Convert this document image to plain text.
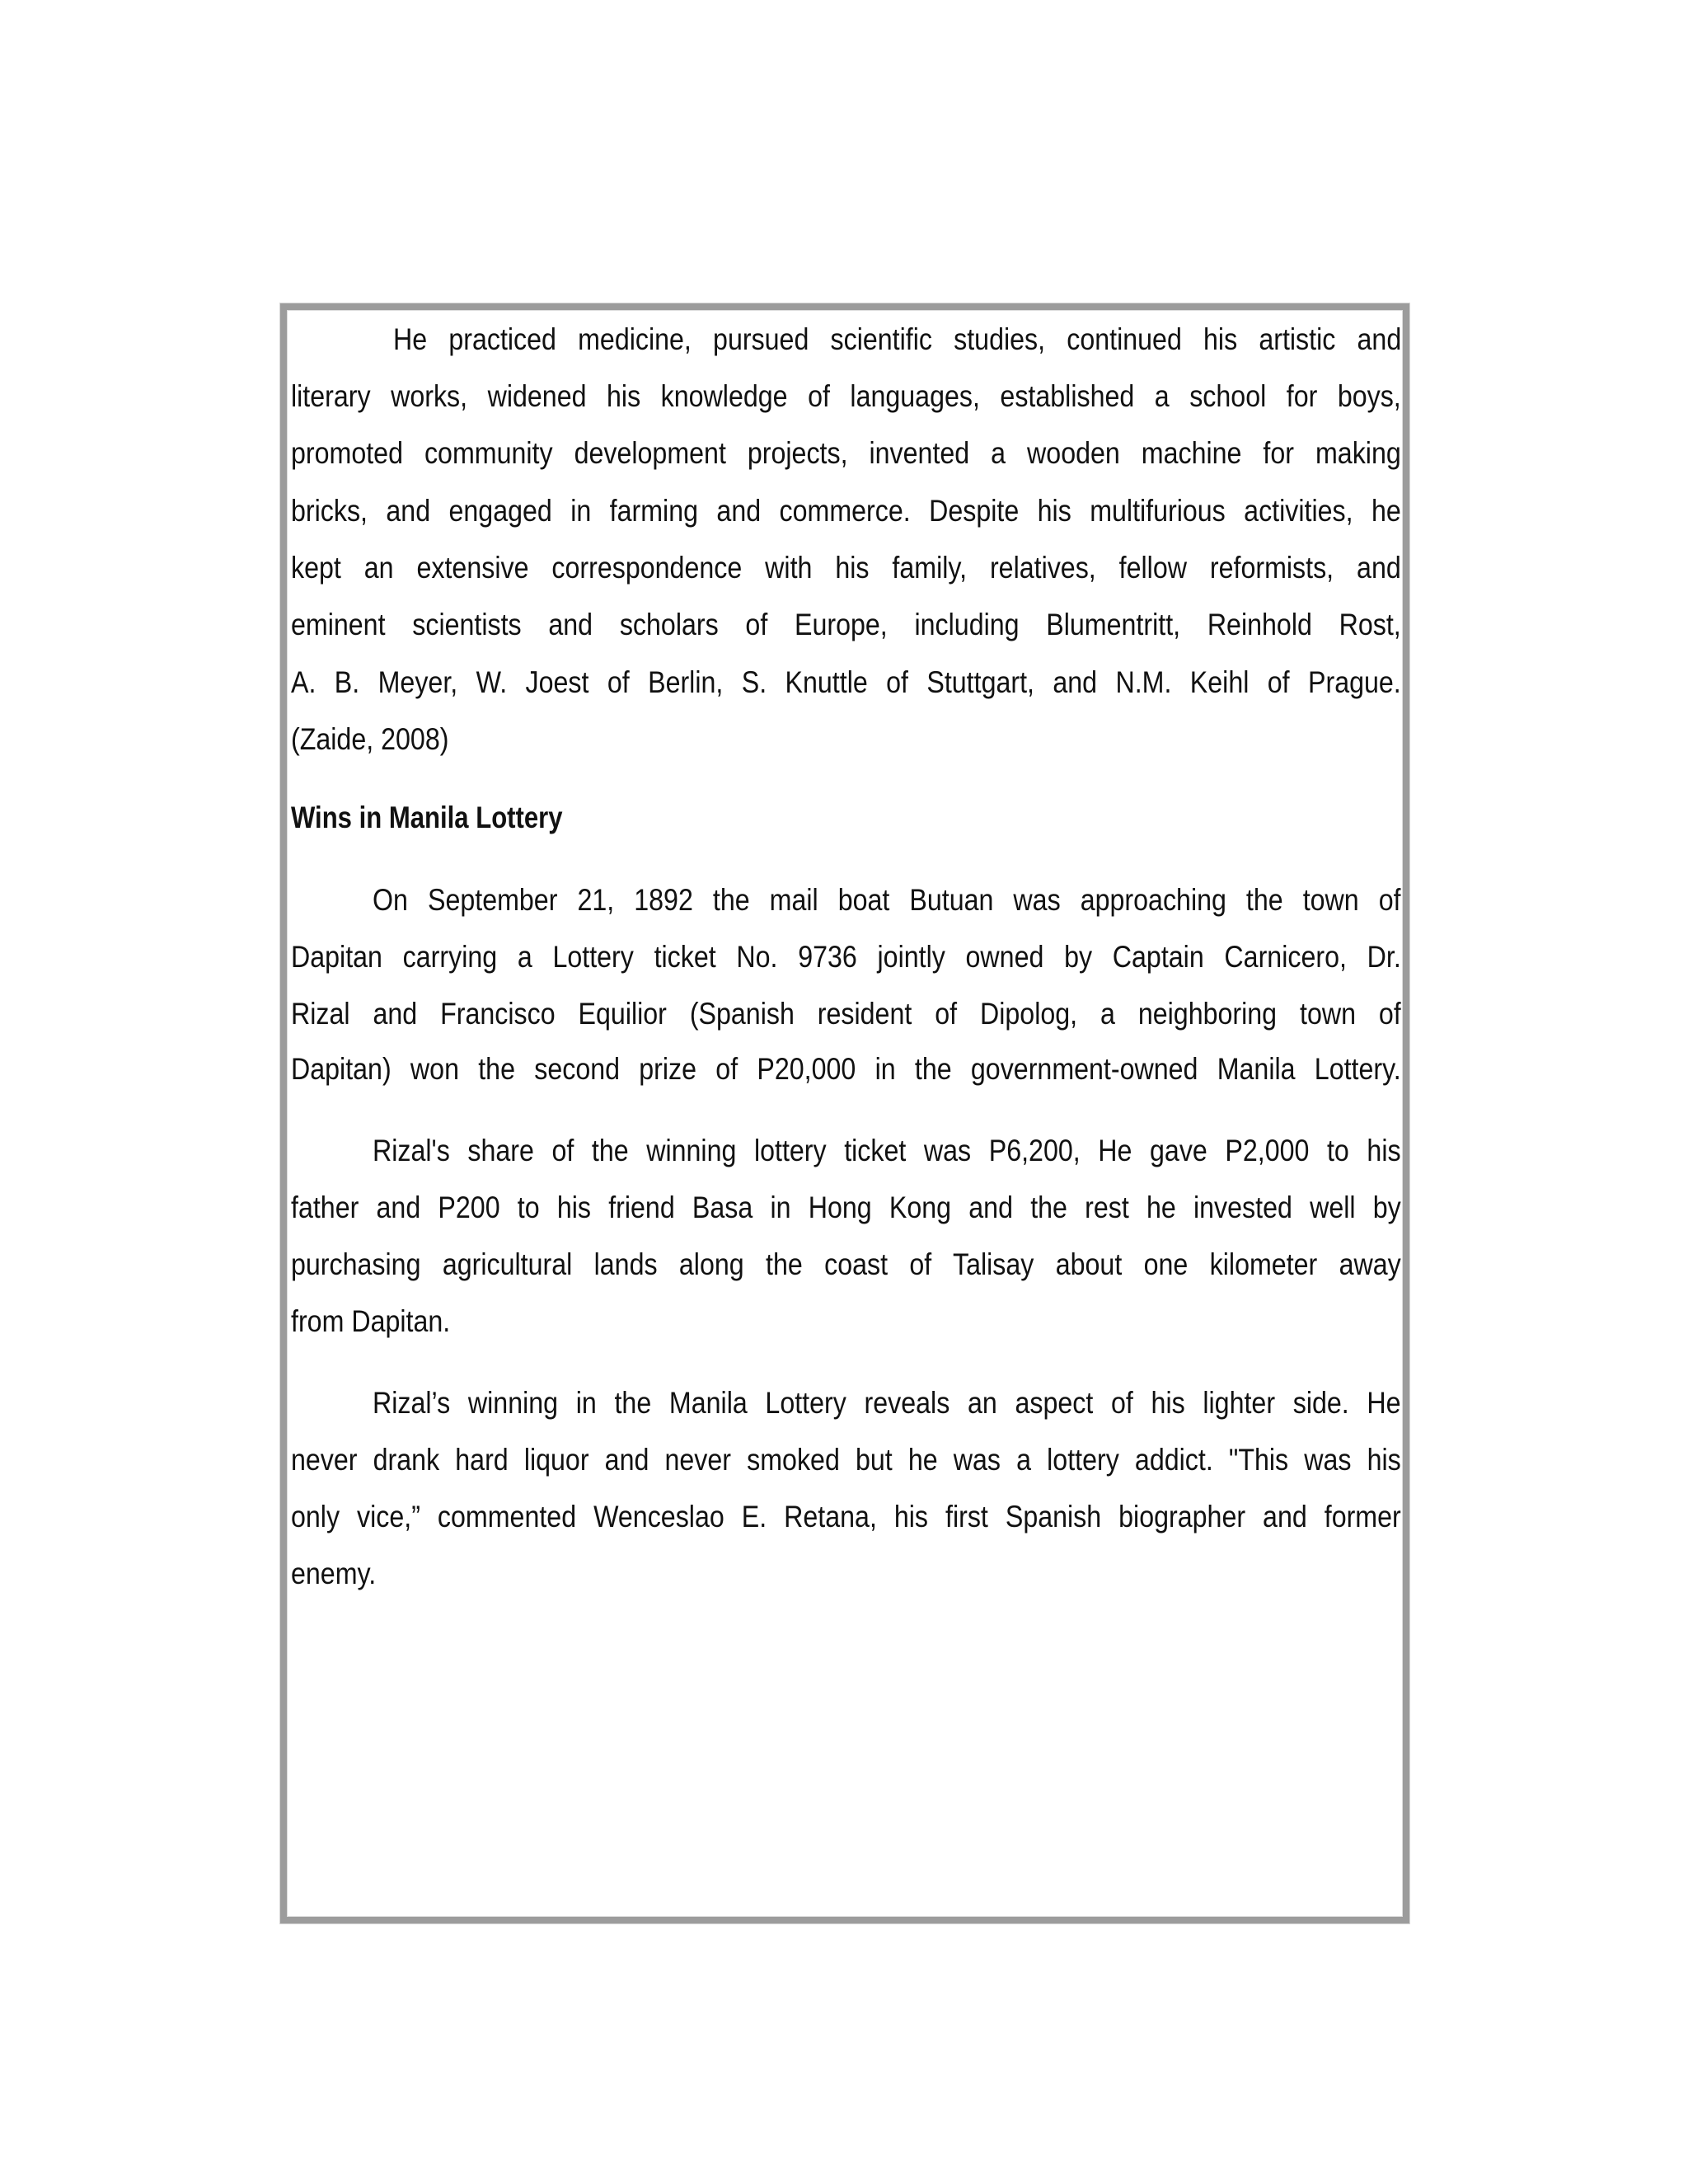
He practiced medicine, pursued scientific studies, continued his artistic and
literary works, widened his knowledge of languages, established a school for boys,
promoted community development projects, invented a wooden machine for making
bricks, and engaged in farming and commerce. Despite his multifurious activities, he
kept an extensive correspondence with his family, relatives, fellow reformists, and
eminent scientists and scholars of Europe, including Blumentritt, Reinhold Rost,
A. B. Meyer, W. Joest of Berlin, S. Knuttle of Stuttgart, and N.M. Keihl of Prague.
(Zaide, 2008)
Wins in Manila Lottery
On September 21, 1892 the mail boat Butuan was approaching the town of
Dapitan carrying a Lottery ticket No. 9736 jointly owned by Captain Carnicero, Dr.
Rizal and Francisco Equilior (Spanish resident of Dipolog, a neighboring town of
Dapitan) won the second prize of P20,000 in the government-owned Manila Lottery.
Rizal's share of the winning lottery ticket was P6,200, He gave P2,000 to his
father and P200 to his friend Basa in Hong Kong and the rest he invested well by
purchasing agricultural lands along the coast of Talisay about one kilometer away
from Dapitan.
Rizal’s winning in the Manila Lottery reveals an aspect of his lighter side. He
never drank hard liquor and never smoked but he was a lottery addict. "This was his
only vice,” commented Wenceslao E. Retana, his first Spanish biographer and former
enemy.
